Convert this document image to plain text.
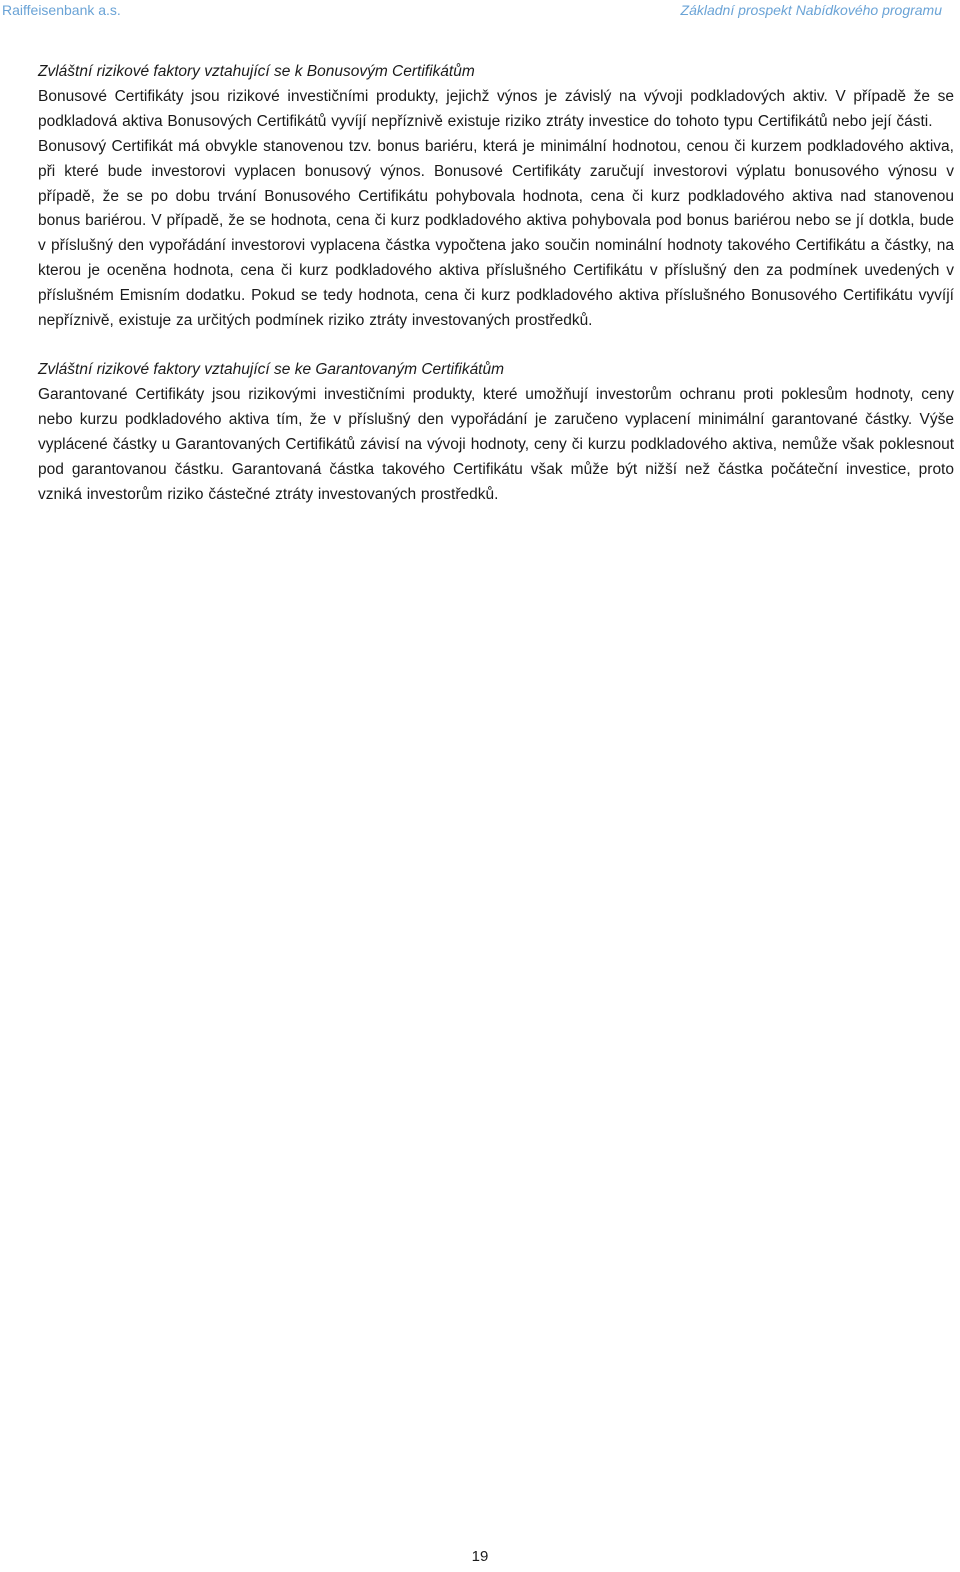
Raiffeisenbank a.s.	Základní prospekt Nabídkového programu
Zvláštní rizikové faktory vztahující se k Bonusovým Certifikátům

Bonusové Certifikáty jsou rizikové investičními produkty, jejichž výnos je závislý na vývoji podkladových aktiv. V případě že se podkladová aktiva Bonusových Certifikátů vyvíjí nepříznivě existuje riziko ztráty investice do tohoto typu Certifikátů nebo její části.

Bonusový Certifikát má obvykle stanovenou tzv. bonus bariéru, která je minimální hodnotou, cenou či kurzem podkladového aktiva, při které bude investorovi vyplacen bonusový výnos. Bonusové Certifikáty zaručují investorovi výplatu bonusového výnosu v případě, že se po dobu trvání Bonusového Certifikátu pohybovala hodnota, cena či kurz podkladového aktiva nad stanovenou bonus bariérou. V případě, že se hodnota, cena či kurz podkladového aktiva pohybovala pod bonus bariérou nebo se jí dotkla, bude v příslušný den vypořádání investorovi vyplacena částka vypočtena jako součin nominální hodnoty takového Certifikátu a částky, na kterou je oceněna hodnota, cena či kurz podkladového aktiva příslušného Certifikátu v příslušný den za podmínek uvedených v příslušném Emisním dodatku. Pokud se tedy hodnota, cena či kurz podkladového aktiva příslušného Bonusového Certifikátu vyvíjí nepříznivě, existuje za určitých podmínek riziko ztráty investovaných prostředků.

Zvláštní rizikové faktory vztahující se ke Garantovaným Certifikátům

Garantované Certifikáty jsou rizikovými investičními produkty, které umožňují investorům ochranu proti poklesům hodnoty, ceny nebo kurzu podkladového aktiva tím, že v příslušný den vypořádání je zaručeno vyplacení minimální garantované částky. Výše vyplácené částky u Garantovaných Certifikátů závisí na vývoji hodnoty, ceny či kurzu podkladového aktiva, nemůže však poklesnout pod garantovanou částku. Garantovaná částka takového Certifikátu však může být nižší než částka počáteční investice, proto vzniká investorům riziko částečné ztráty investovaných prostředků.

19
